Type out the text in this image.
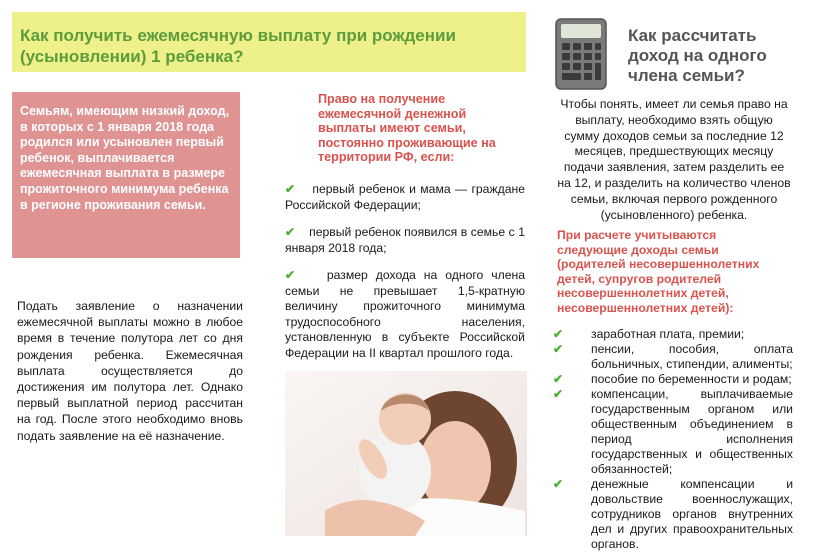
Как получить ежемесячную выплату при рождении (усыновлении) 1 ребенка?
Семьям, имеющим низкий доход, в которых с 1 января 2018 года родился или усыновлен первый ребенок, выплачивается ежемесячная выплата в размере прожиточного минимума ребенка в регионе проживания семьи.
Подать заявление о назначении ежемесячной выплаты можно в любое время в течение полутора лет со дня рождения ребенка. Ежемесячная выплата осуществляется до достижения им полутора лет. Однако первый выплатной период рассчитан на год. После этого необходимо вновь подать заявление на её назначение.
Право на получение ежемесячной денежной выплаты имеют семьи, постоянно проживающие на территории РФ, если:
✔ первый ребенок и мама — граждане Российской Федерации;
✔ первый ребенок появился в семье с 1 января 2018 года;
✔	размер дохода на одного члена семьи не превышает 1,5-кратную величину прожиточного минимума трудоспособного населения, установленную в субъекте Российской Федерации на II квартал прошлого года.
Как рассчитать доход на одного члена семьи?
Чтобы понять, имеет ли семья право на выплату, необходимо взять общую сумму доходов семьи за последние 12 месяцев, предшествующих месяцу подачи заявления, затем разделить ее на 12, и разделить на количество членов семьи, включая первого рожденного (усыновленного) ребенка.
При расчете учитываются следующие доходы семьи (родителей несовершеннолетних детей, супругов родителей несовершеннолетних детей, несовершеннолетних детей):
✔	заработная плата, премии;
✔	пенсии, пособия, оплата больничных, стипендии, алименты;
✔	пособие по беременности и родам;
✔	компенсации, выплачиваемые государственным органом или общественным объединением в период исполнения государственных и общественных обязанностей;
✔	денежные компенсации и довольствие военнослужащих, сотрудников органов внутренних дел и других правоохранительных органов.
